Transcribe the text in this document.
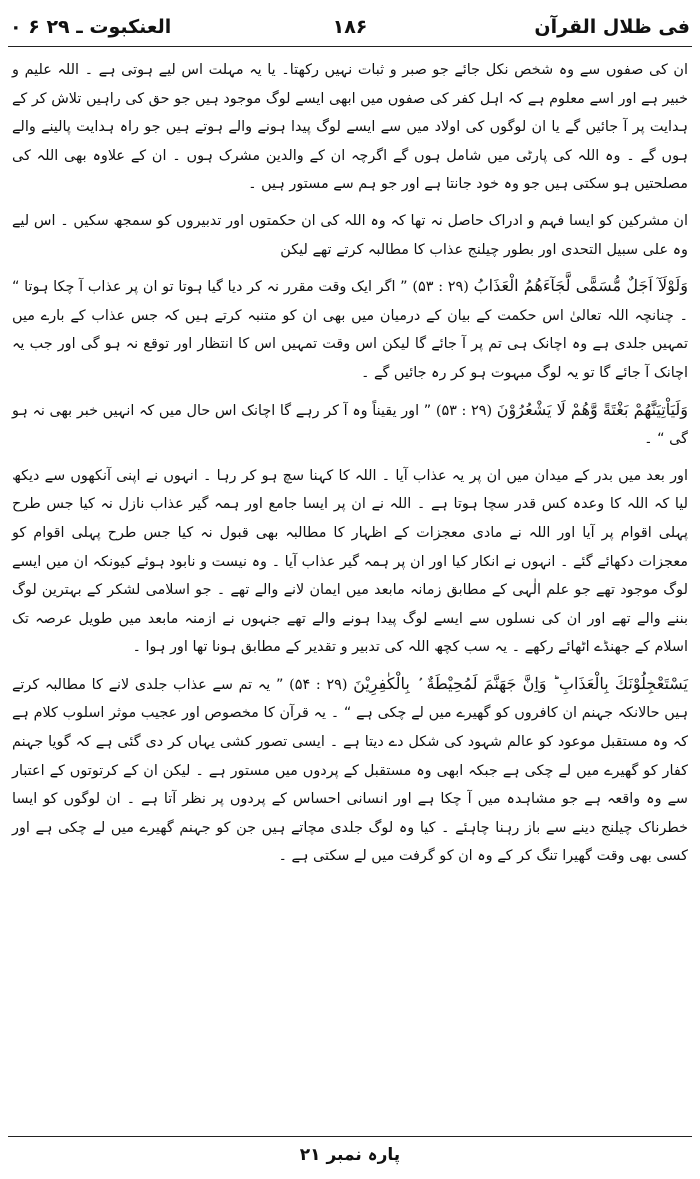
فی ظلال القرآن
۱۸۶
۰ ۶ العنکبوت ـ ۲۹

ان کی صفوں سے وہ شخص نکل جائے جو صبر و ثبات نہیں رکھتا۔ یا یہ مہلت اس لیے ہوتی ہے ۔ اللہ علیم و خبیر ہے اور اسے معلوم ہے کہ اہل کفر کی صفوں میں ابھی ایسے لوگ موجود ہیں جو حق کی راہیں تلاش کر کے ہدایت پر آ جائیں گے یا ان لوگوں کی اولاد میں سے ایسے لوگ پیدا ہونے والے ہوتے ہیں جو راہ ہدایت پالینے والے ہوں گے ۔ وہ اللہ کی پارٹی میں شامل ہوں گے اگرچہ ان کے والدین مشرک ہوں ۔ ان کے علاوہ بھی اللہ کی مصلحتیں ہو سکتی ہیں جو وہ خود جانتا ہے اور جو ہم سے مستور ہیں ۔

ان مشرکین کو ایسا فہم و ادراک حاصل نہ تھا کہ وہ اللہ کی ان حکمتوں اور تدبیروں کو سمجھ سکیں ۔ اس لیے وہ علی سبیل التحدی اور بطور چیلنج عذاب کا مطالبہ کرتے تھے لیکن

وَلَوْلَآ اَجَلٌ مُّسَمًّى لَّجَآءَهُمُ الْعَذَابُ (۲۹ : ۵۳) ” اگر ایک وقت مقرر نہ کر دیا گیا ہوتا تو ان پر عذاب آ چکا ہوتا “ ۔ چنانچہ اللہ تعالیٰ اس حکمت کے بیان کے درمیان میں بھی ان کو متنبہ کرتے ہیں کہ جس عذاب کے بارے میں تمہیں جلدی ہے وہ اچانک ہی تم پر آ جائے گا لیکن اس وقت تمہیں اس کا انتظار اور توقع نہ ہو گی اور جب یہ اچانک آ جائے گا تو یہ لوگ مبہوت ہو کر رہ جائیں گے ۔

وَلَيَاْتِيَنَّهُمْ بَغْتَةً وَّهُمْ لَا يَشْعُرُوْنَ (۲۹ : ۵۳) ” اور یقیناً وہ آ کر رہے گا اچانک اس حال میں کہ انہیں خبر بھی نہ ہو گی “ ۔

اور بعد میں بدر کے میدان میں ان پر یہ عذاب آیا ۔ اللہ کا کہنا سچ ہو کر رہا ۔ انہوں نے اپنی آنکھوں سے دیکھ لیا کہ اللہ کا وعدہ کس قدر سچا ہوتا ہے ۔ اللہ نے ان پر ایسا جامع اور ہمہ گیر عذاب نازل نہ کیا جس طرح پہلی اقوام پر آیا اور اللہ نے مادی معجزات کے اظہار کا مطالبہ بھی قبول نہ کیا جس طرح پہلی اقوام کو معجزات دکھائے گئے ۔ انہوں نے انکار کیا اور ان پر ہمہ گیر عذاب آیا ۔ وہ نیست و نابود ہوئے کیونکہ ان میں ایسے لوگ موجود تھے جو علم الٰہی کے مطابق زمانہ مابعد میں ایمان لانے والے تھے ۔ جو اسلامی لشکر کے بہترین لوگ بننے والے تھے اور ان کی نسلوں سے ایسے لوگ پیدا ہونے والے تھے جنہوں نے ازمنہ مابعد میں طویل عرصہ تک اسلام کے جھنڈے اٹھائے رکھے ۔ یہ سب کچھ اللہ کی تدبیر و تقدیر کے مطابق ہونا تھا اور ہوا ۔

يَسْتَعْجِلُوْنَكَ بِالْعَذَابِ ؕ وَاِنَّ جَهَنَّمَ لَمُحِيْطَةٌ ۢ بِالْكٰفِرِيْنَ (۲۹ : ۵۴) ” یہ تم سے عذاب جلدی لانے کا مطالبہ کرتے ہیں حالانکہ جہنم ان کافروں کو گھیرے میں لے چکی ہے “ ۔ یہ قرآن کا مخصوص اور عجیب موثر اسلوب کلام ہے کہ وہ مستقبل موعود کو عالم شہود کی شکل دے دیتا ہے ۔ ایسی تصور کشی یہاں کر دی گئی ہے کہ گویا جہنم کفار کو گھیرے میں لے چکی ہے جبکہ ابھی وہ مستقبل کے پردوں میں مستور ہے ۔ لیکن ان کے کرتوتوں کے اعتبار سے وہ واقعہ ہے جو مشاہدہ میں آ چکا ہے اور انسانی احساس کے پردوں پر نظر آتا ہے ۔ ان لوگوں کو ایسا خطرناک چیلنج دینے سے باز رہنا چاہئے ۔ کیا وہ لوگ جلدی مچاتے ہیں جن کو جہنم گھیرے میں لے چکی ہے اور کسی بھی وقت گھیرا تنگ کر کے وہ ان کو گرفت میں لے سکتی ہے ۔

پارہ نمبر ۲۱
